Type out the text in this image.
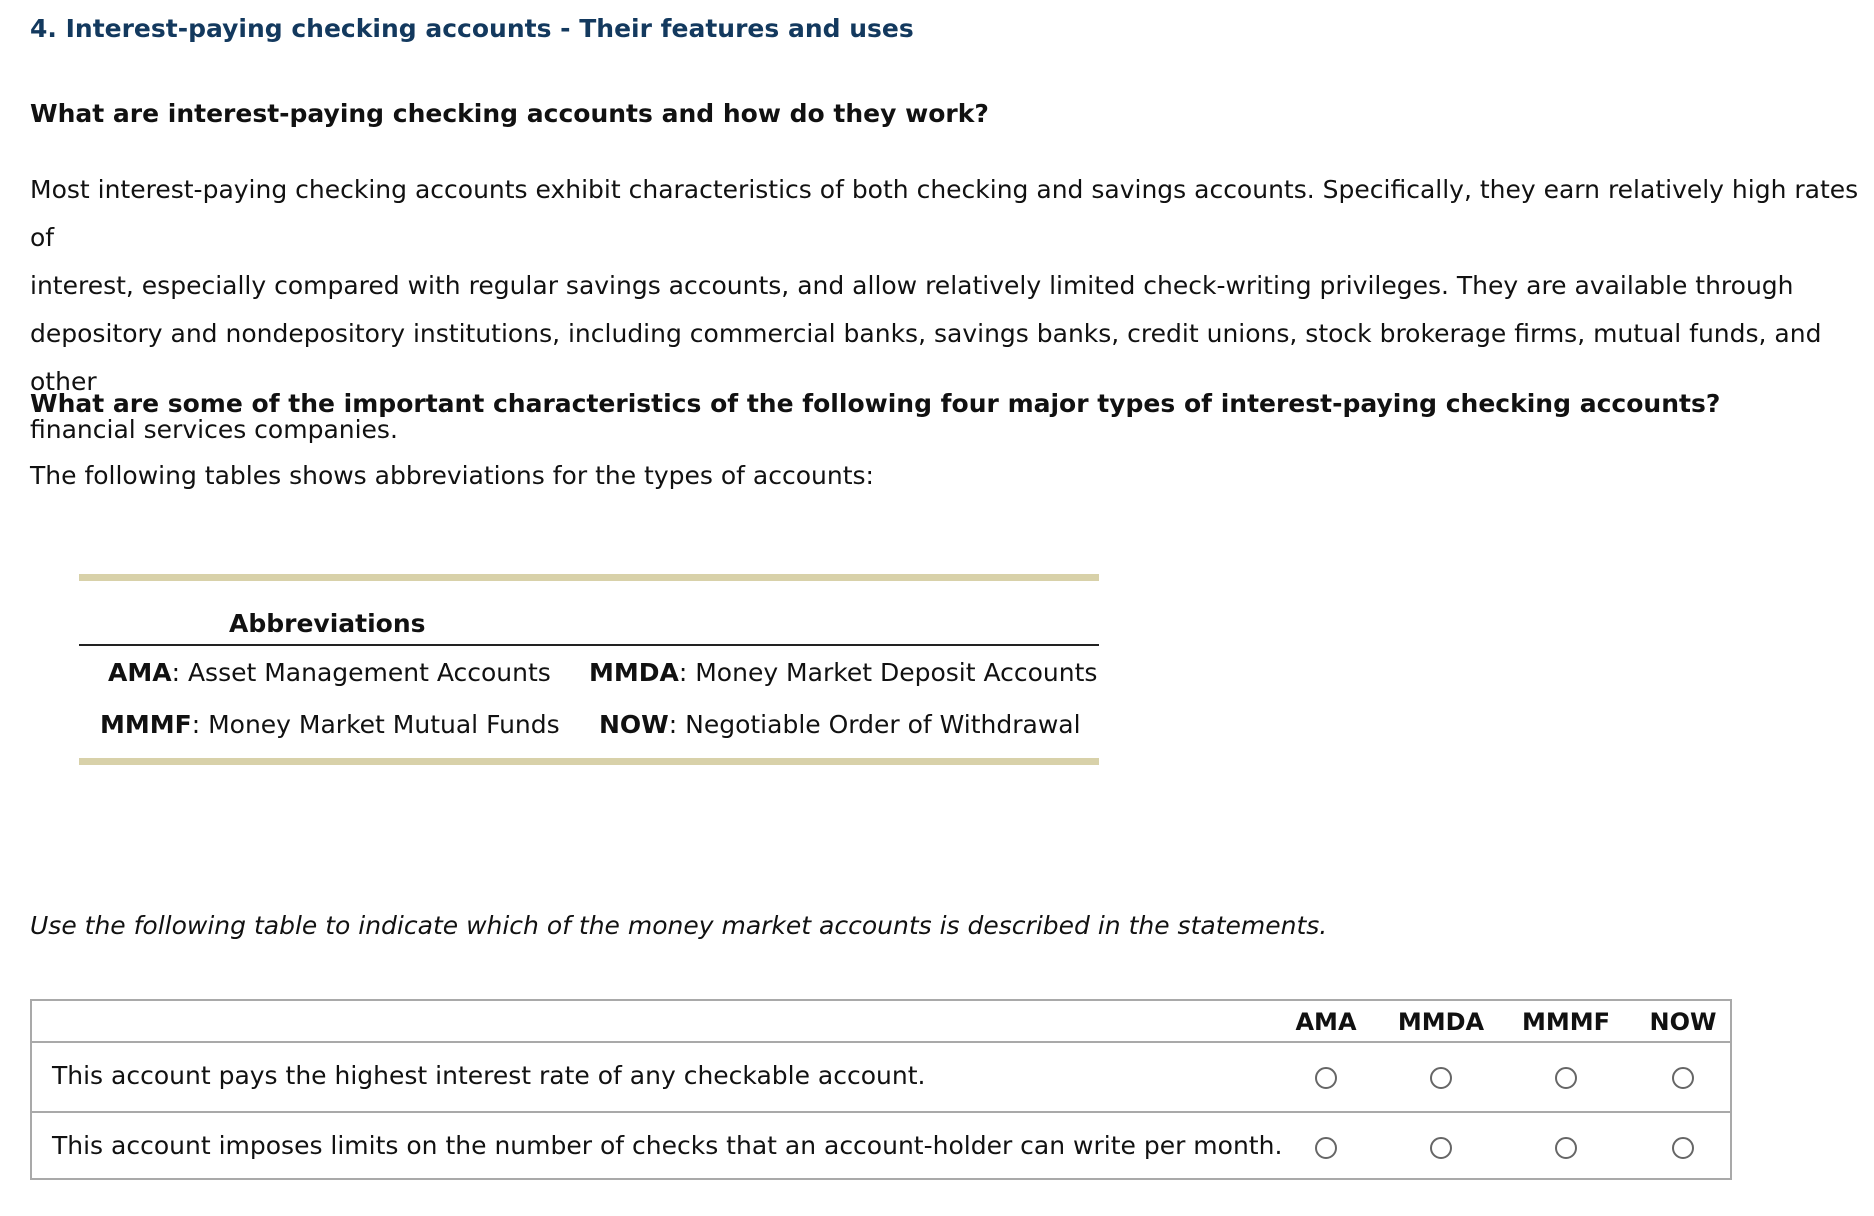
4. Interest-paying checking accounts - Their features and uses

What are interest-paying checking accounts and how do they work?

Most interest-paying checking accounts exhibit characteristics of both checking and savings accounts. Specifically, they earn relatively high rates of
interest, especially compared with regular savings accounts, and allow relatively limited check-writing privileges. They are available through
depository and nondepository institutions, including commercial banks, savings banks, credit unions, stock brokerage firms, mutual funds, and other
financial services companies.

What are some of the important characteristics of the following four major types of interest-paying checking accounts?

The following tables shows abbreviations for the types of accounts:

Abbreviations
AMA: Asset Management Accounts MMDA: Money Market Deposit Accounts
MMMF: Money Market Mutual Funds NOW: Negotiable Order of Withdrawal

Use the following table to indicate which of the money market accounts is described in the statements.

AMA MMDA MMMF NOW
This account pays the highest interest rate of any checkable account.
This account imposes limits on the number of checks that an account-holder can write per month.
